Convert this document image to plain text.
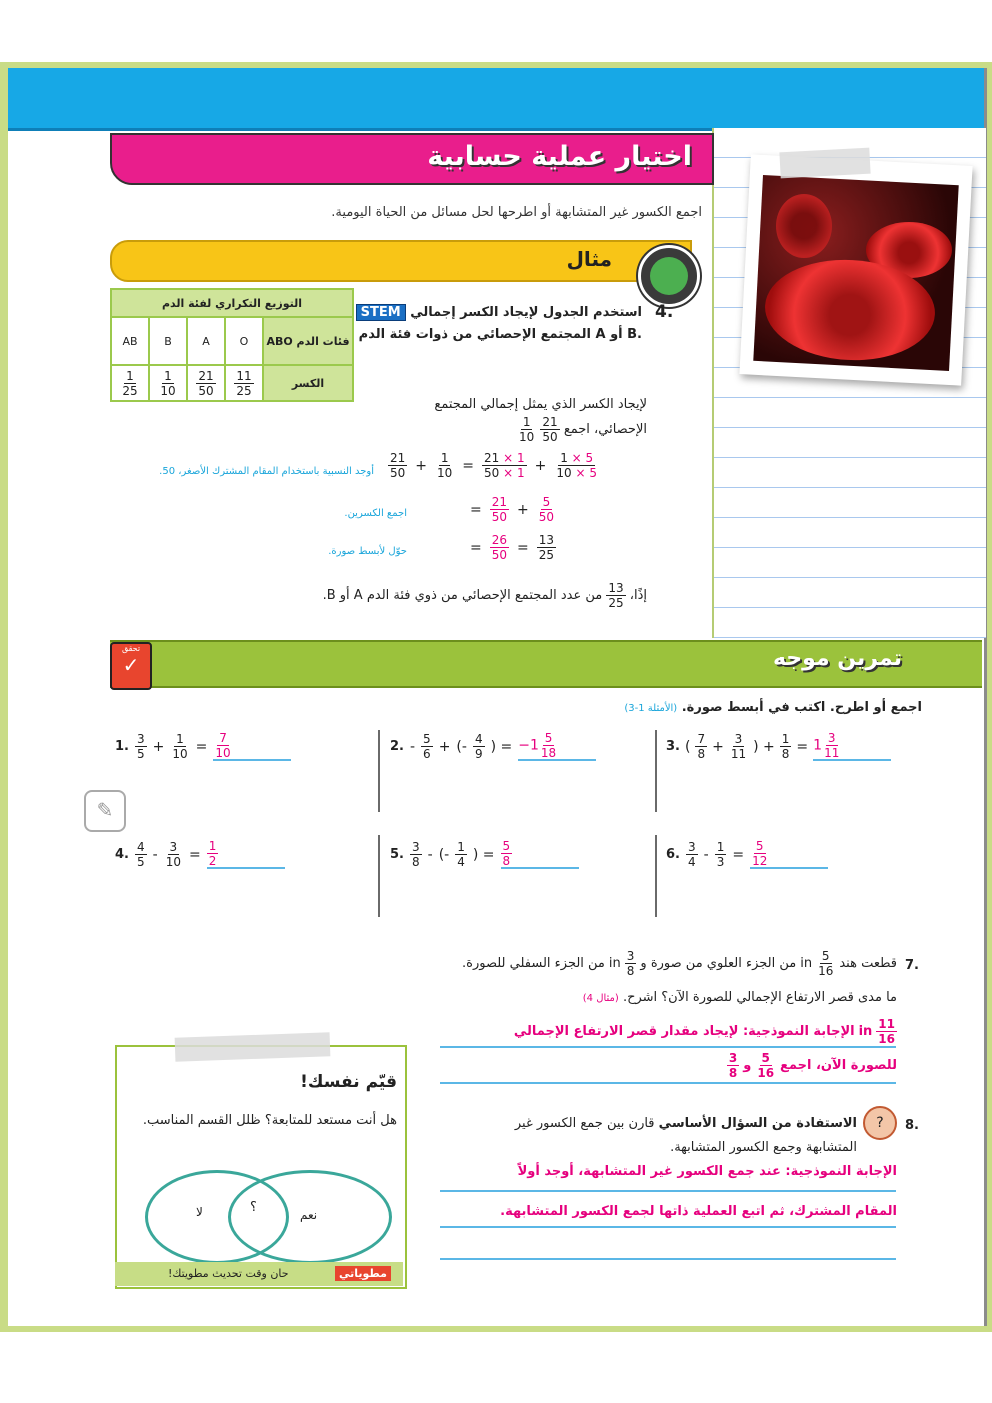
اختيار عملية حسابية
اجمع الكسور غير المتشابهة أو اطرحها لحل مسائل من الحياة اليومية.
مثال
التوزيع التكراري لفئة الدم				
AB	B	A	O	فئات الدم ABO

$\frac{1}{25}$	$\frac{1}{10}$	$\frac{21}{50}$	$\frac{11}{25}$	الكسر
4.
STEM استخدم الجدول لإيجاد الكسر إجمالي المجتمع الإحصائي من ذوات فئة الدم A أو B.
لإيجاد الكسر الذي يمثل إجمالي المجتمع الإحصائي، اجمع
$\frac{21}{50}$

$\frac{1}{10}$
$\frac{21}{50} + \frac{1}{10} = \frac{21 \times 1}{50 \times 1} + \frac{1 \times 5}{10 \times 5}$
أوجد النسبية باستخدام المقام المشترك الأصغر، 50.
= $\frac{21}{50} + \frac{5}{50}$
اجمع الكسرين.
= $\frac{26}{50} = \frac{13}{25}$
حوّل لأبسط صورة.
إذًا،
$\frac{13}{25}$
من عدد المجتمع الإحصائي من ذوي فئة الدم A أو B.
تمرين موجه
تحقق
✓
اجمع أو اطرح. اكتب في أبسط صورة. (الأمثلة 1-3)
1. $\frac{3}{5} + \frac{1}{10} = \frac{7}{10}$	2. - $\frac{5}{6}$ + (- $\frac{4}{9}$ ) = $-1 \frac{5}{18}$	3. ( $\frac{7}{8} + \frac{3}{11}$ ) + $\frac{1}{8} = 1 \frac{3}{11}$
✎
4. $\frac{4}{5} - \frac{3}{10} = \frac{1}{2}$	5. $\frac{3}{8}$ - (- $\frac{1}{4}$ ) = $\frac{5}{8}$	6. $\frac{3}{4} - \frac{1}{3} = \frac{5}{12}$
7.
قطعت هند
$\frac{5}{16}$
in
من الجزء العلوي من صورة و
$\frac{3}{8}$
in
من الجزء السفلي للصورة.
ما مدى قصر الارتفاع الإجمالي للصورة الآن؟ اشرح. (مثال 4)
$\frac{11}{16}$
in
الإجابة النموذجية: لإيجاد مقدار قصر الارتفاع الإجمالي
للصورة الآن، اجمع
$\frac{5}{16}$
و
$\frac{3}{8}$
8.
?
الاستفادة من السؤال الأساسي قارن بين جمع الكسور غير المتشابهة وجمع الكسور المتشابهة.
الإجابة النموذجية: عند جمع الكسور غير المتشابهة، أوجد أولاً
المقام المشترك، ثم اتبع العملية ذاتها لجمع الكسور المتشابهة.
قيّم نفسك!
هل أنت مستعد للمتابعة؟ ظلل القسم المناسب.
لا	؟	نعم
مطوياتي
حان وقت تحديث مطويتك!
